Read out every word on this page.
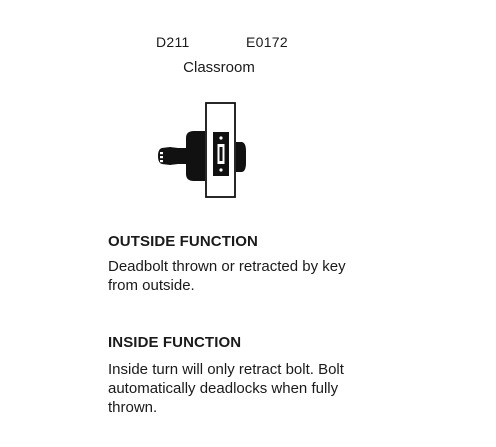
D211	E0172
Classroom
OUTSIDE FUNCTION
Deadbolt thrown or retracted by key
from outside.
INSIDE FUNCTION
Inside turn will only retract bolt. Bolt
automatically deadlocks when fully
thrown.
